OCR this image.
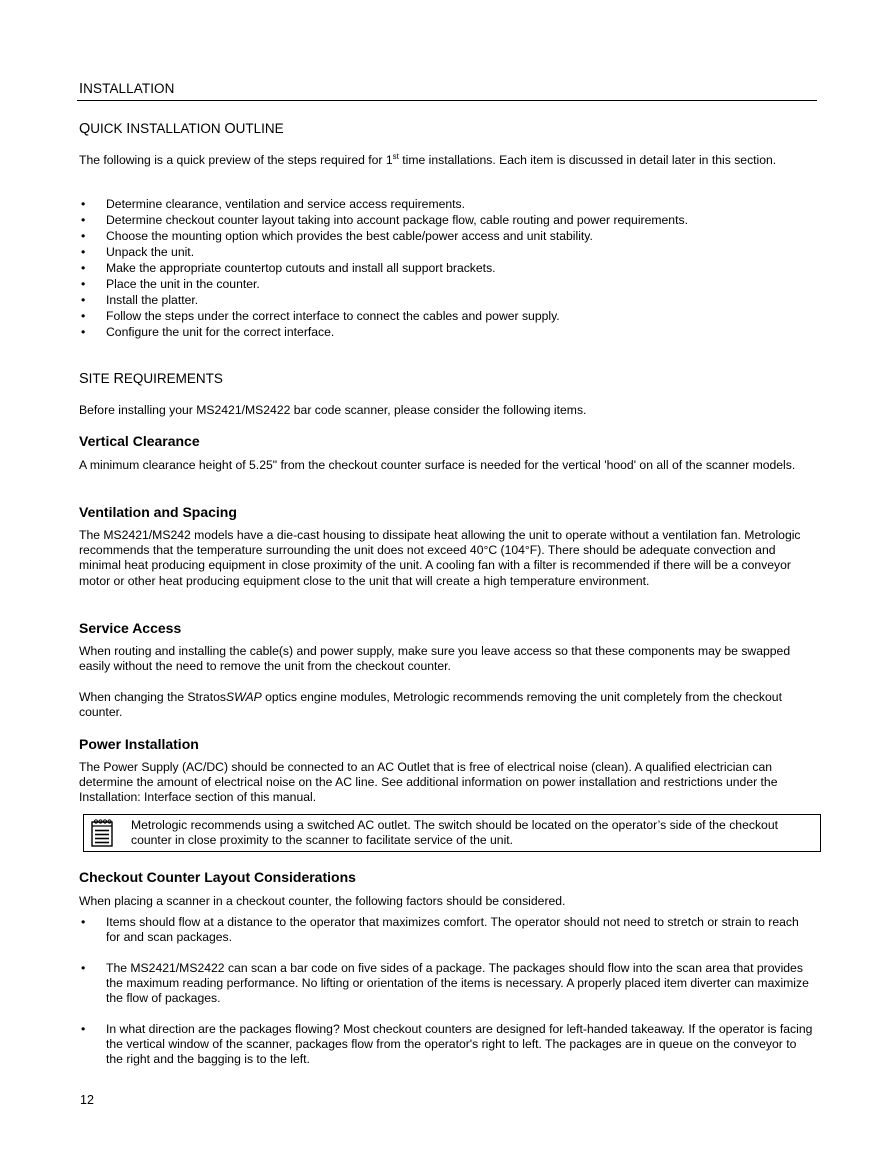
INSTALLATION
QUICK INSTALLATION OUTLINE

The following is a quick preview of the steps required for 1st time installations. Each item is discussed in detail later in this section.

• Determine clearance, ventilation and service access requirements.
• Determine checkout counter layout taking into account package flow, cable routing and power requirements.
• Choose the mounting option which provides the best cable/power access and unit stability.
• Unpack the unit.
• Make the appropriate countertop cutouts and install all support brackets.
• Place the unit in the counter.
• Install the platter.
• Follow the steps under the correct interface to connect the cables and power supply.
• Configure the unit for the correct interface.
SITE REQUIREMENTS

Before installing your MS2421/MS2422 bar code scanner, please consider the following items.

Vertical Clearance

A minimum clearance height of 5.25" from the checkout counter surface is needed for the vertical 'hood' on all of the scanner models.

Ventilation and Spacing

The MS2421/MS242 models have a die-cast housing to dissipate heat allowing the unit to operate without a ventilation fan. Metrologic recommends that the temperature surrounding the unit does not exceed 40°C (104°F). There should be adequate convection and minimal heat producing equipment in close proximity of the unit. A cooling fan with a filter is recommended if there will be a conveyor motor or other heat producing equipment close to the unit that will create a high temperature environment.

Service Access

When routing and installing the cable(s) and power supply, make sure you leave access so that these components may be swapped easily without the need to remove the unit from the checkout counter.

When changing the StratosSWAP optics engine modules, Metrologic recommends removing the unit completely from the checkout counter.

Power Installation

The Power Supply (AC/DC) should be connected to an AC Outlet that is free of electrical noise (clean). A qualified electrician can determine the amount of electrical noise on the AC line. See additional information on power installation and restrictions under the Installation: Interface section of this manual.

Metrologic recommends using a switched AC outlet. The switch should be located on the operator’s side of the checkout counter in close proximity to the scanner to facilitate service of the unit.
Checkout Counter Layout Considerations

When placing a scanner in a checkout counter, the following factors should be considered.

• Items should flow at a distance to the operator that maximizes comfort. The operator should not need to stretch or strain to reach for and scan packages.
• The MS2421/MS2422 can scan a bar code on five sides of a package. The packages should flow into the scan area that provides the maximum reading performance. No lifting or orientation of the items is necessary. A properly placed item diverter can maximize the flow of packages.
• In what direction are the packages flowing? Most checkout counters are designed for left-handed takeaway. If the operator is facing the vertical window of the scanner, packages flow from the operator's right to left. The packages are in queue on the conveyor to the right and the bagging is to the left.
12
